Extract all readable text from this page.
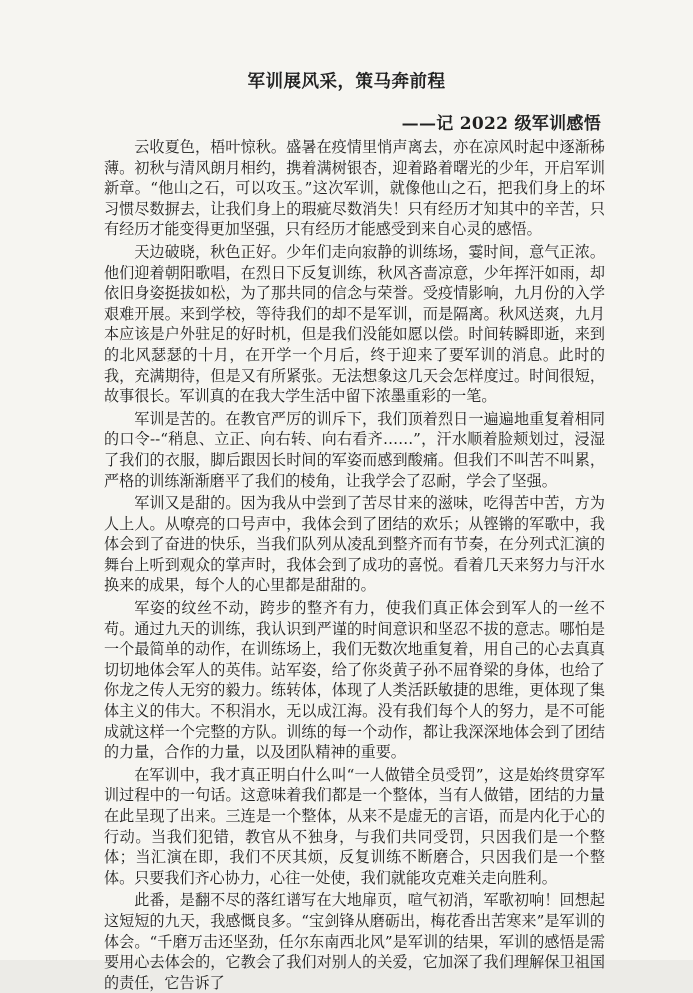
军训展风采，策马奔前程
——记 2022 级军训感悟

云收夏色，梧叶惊秋。盛暑在疫情里悄声离去，亦在凉风时起中逐渐秭薄。初秋与清风朗月相约，携着满树银杏，迎着路着曙光的少年，开启军训新章。“他山之石，可以攻玉。”这次军训，就像他山之石，把我们身上的坏习惯尽数摒去，让我们身上的瑕疵尽数消失！只有经历才知其中的辛苦，只有经历才能变得更加坚强，只有经历才能感受到来自心灵的感悟。

天边破晓，秋色正好。少年们走向寂静的训练场，霎时间，意气正浓。他们迎着朝阳歌唱，在烈日下反复训练，秋风吝啬凉意，少年挥汗如雨，却依旧身姿挺拔如松，为了那共同的信念与荣誉。受疫情影响，九月份的入学艰难开展。来到学校，等待我们的却不是军训，而是隔离。秋风送爽，九月本应该是户外驻足的好时机，但是我们没能如愿以偿。时间转瞬即逝，来到的北风瑟瑟的十月，在开学一个月后，终于迎来了要军训的消息。此时的我，充满期待，但是又有所紧张。无法想象这几天会怎样度过。时间很短，故事很长。军训真的在我大学生活中留下浓墨重彩的一笔。

军训是苦的。在教官严厉的训斥下，我们顶着烈日一遍遍地重复着相同的口令--“稍息、立正、向右转、向右看齐……”，汗水顺着脸颊划过，浸湿了我们的衣服，脚后跟因长时间的军姿而感到酸痛。但我们不叫苦不叫累，严格的训练渐渐磨平了我们的棱角，让我学会了忍耐，学会了坚强。

军训又是甜的。因为我从中尝到了苦尽甘来的滋味，吃得苦中苦，方为人上人。从嘹亮的口号声中，我体会到了团结的欢乐；从铿锵的军歌中，我体会到了奋进的快乐，当我们队列从凌乱到整齐而有节奏，在分列式汇演的舞台上听到观众的掌声时，我体会到了成功的喜悦。看着几天来努力与汗水换来的成果，每个人的心里都是甜甜的。

军姿的纹丝不动，跨步的整齐有力，使我们真正体会到军人的一丝不苟。通过九天的训练，我认识到严谨的时间意识和坚忍不拔的意志。哪怕是一个最简单的动作，在训练场上，我们无数次地重复着，用自己的心去真真切切地体会军人的英伟。站军姿，给了你炎黄子孙不屈脊梁的身体，也给了你龙之传人无穷的毅力。练转体，体现了人类活跃敏捷的思维，更体现了集体主义的伟大。不积涓水，无以成江海。没有我们每个人的努力，是不可能成就这样一个完整的方队。训练的每一个动作，都让我深深地体会到了团结的力量，合作的力量，以及团队精神的重要。

在军训中，我才真正明白什么叫“一人做错全员受罚”，这是始终贯穿军训过程中的一句话。这意味着我们都是一个整体，当有人做错，团结的力量在此呈现了出来。三连是一个整体，从来不是虚无的言语，而是内化于心的行动。当我们犯错，教官从不独身，与我们共同受罚，只因我们是一个整体；当汇演在即，我们不厌其烦，反复训练不断磨合，只因我们是一个整体。只要我们齐心协力，心往一处使，我们就能攻克难关走向胜利。

此番，是翻不尽的落红谱写在大地扉页，喧气初消，军歌初响！回想起这短短的九天，我感慨良多。“宝剑锋从磨砺出，梅花香出苦寒来”是军训的体会。“千磨万击还坚劲，任尔东南西北风”是军训的结果，军训的感悟是需要用心去体会的，它教会了我们对别人的关爱，它加深了我们理解保卫祖国的责任，它告诉了
